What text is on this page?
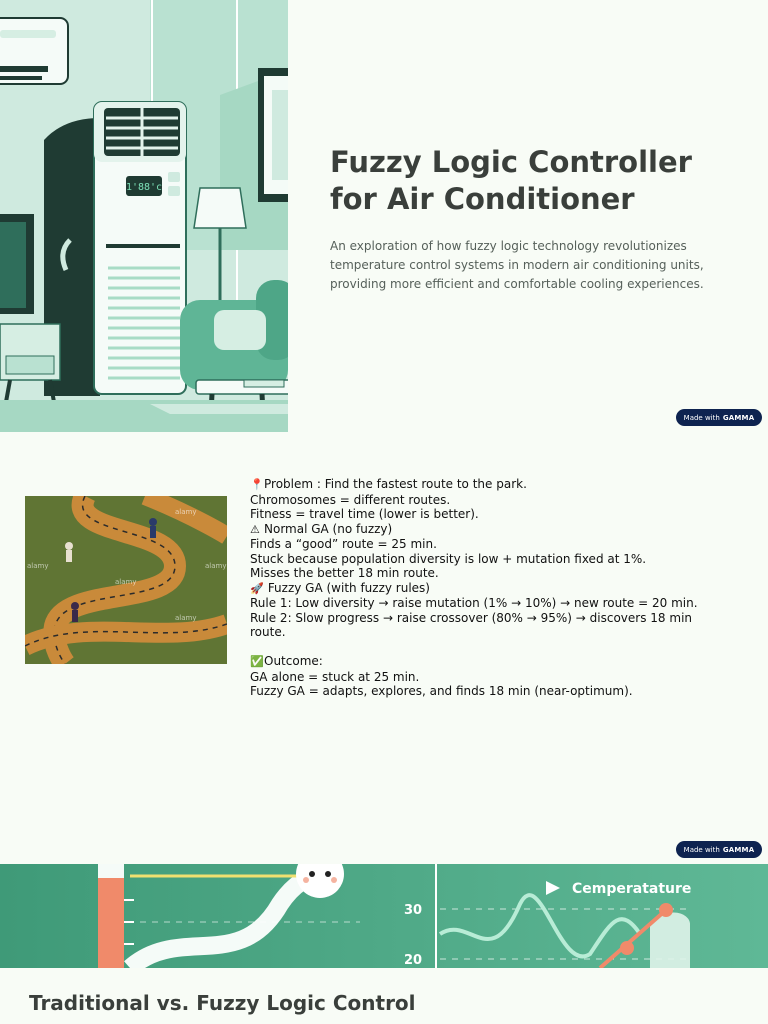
1'88'c
Fuzzy Logic Controller
for Air Conditioner

An exploration of how fuzzy logic technology revolutionizes temperature control systems in modern air conditioning units, providing more efficient and comfortable cooling experiences.

Made with GAMMA
alamy
alamy
alamy
alamy
alamy
📍Problem : Find the fastest route to the park.
Chromosomes = different routes.
Fitness = travel time (lower is better).
⚠ Normal GA (no fuzzy)
Finds a “good” route = 25 min.
Stuck because population diversity is low + mutation fixed at 1%.
Misses the better 18 min route.
🚀 Fuzzy GA (with fuzzy rules)
Rule 1: Low diversity → raise mutation (1% → 10%) → new route = 20 min.
Rule 2: Slow progress → raise crossover (80% → 95%) → discovers 18 min
route.
✅Outcome:
GA alone = stuck at 25 min.
Fuzzy GA = adapts, explores, and finds 18 min (near-optimum).
Made with GAMMA
30
20
Cemperatature
Traditional vs. Fuzzy Logic Control
